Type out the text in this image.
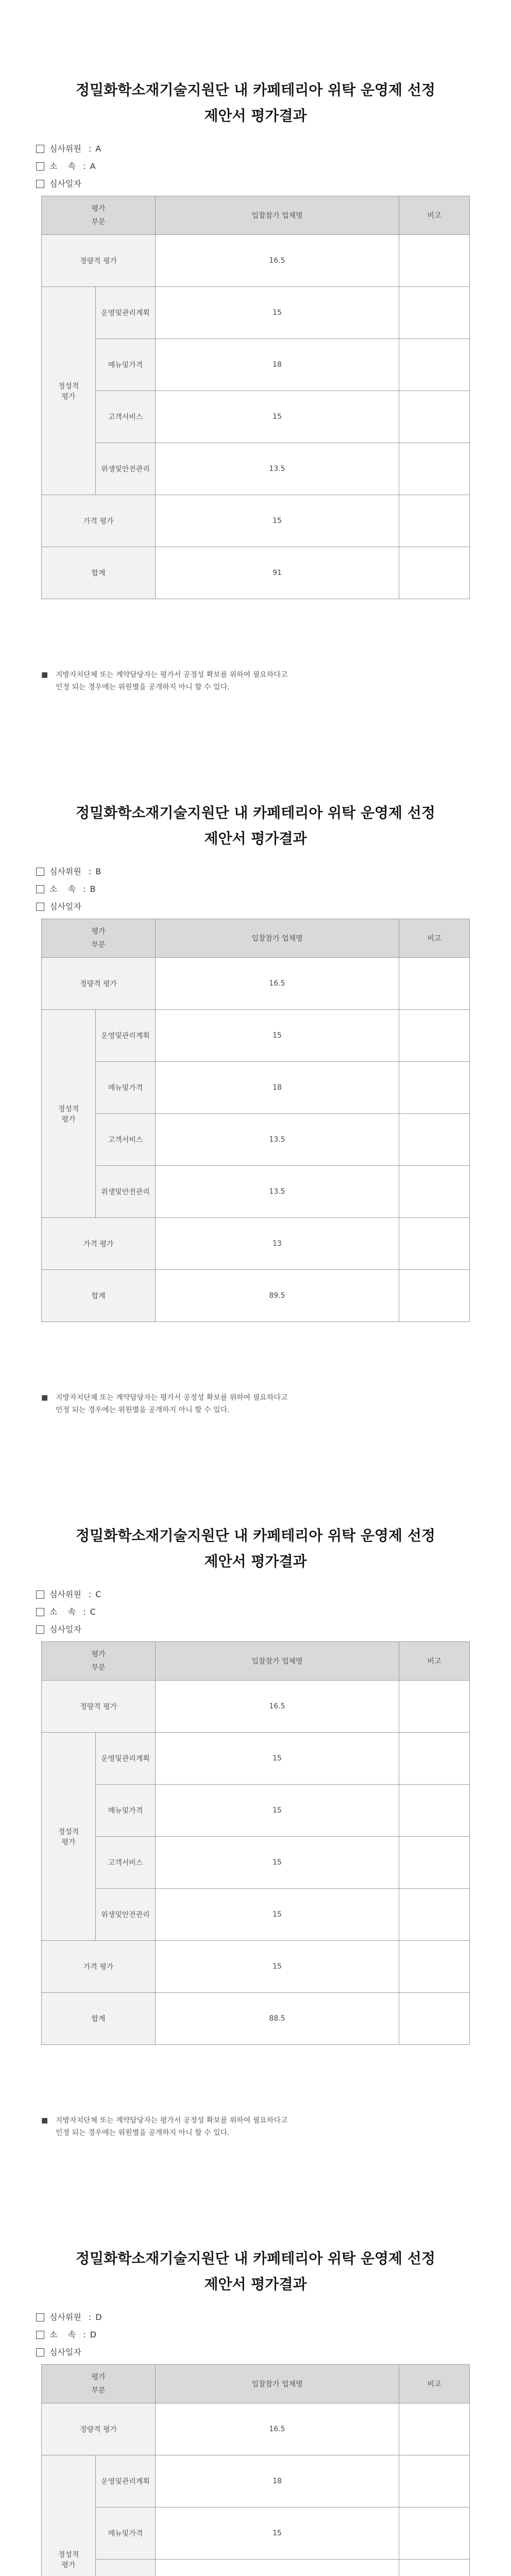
정밀화학소재기술지원단 내 카페테리아 위탁 운영제 선정
제안서 평가결과
심사위원 : A
소    속 : A
심사일자
평가
부문		입찰참가 업체명	비고
정량적 평가		16.5	

정성적
평가	운영및관리계획	15	
	메뉴및가격	18	
	고객서비스	15	
	위생및안전관리	13.5	
가격 평가		15	
합계		91	
■ 지방자치단체 또는 계약담당자는 평가서 공정성 확보를 위하여 필요하다고
인정 되는 경우에는 위원별을 공개하지 아니 할 수 있다.
정밀화학소재기술지원단 내 카페테리아 위탁 운영제 선정
제안서 평가결과
심사위원 : B
소    속 : B
심사일자
평가
부문		입찰참가 업체명	비고
정량적 평가		16.5	

정성적
평가	운영및관리계획	15	
	메뉴및가격	18	
	고객서비스	13.5	
	위생및안전관리	13.5	
가격 평가		13	
합계		89.5	
■ 지방자치단체 또는 계약담당자는 평가서 공정성 확보를 위하여 필요하다고
인정 되는 경우에는 위원별을 공개하지 아니 할 수 있다.
정밀화학소재기술지원단 내 카페테리아 위탁 운영제 선정
제안서 평가결과
심사위원 : C
소    속 : C
심사일자
평가
부문		입찰참가 업체명	비고
정량적 평가		16.5	

정성적
평가	운영및관리계획	15	
	메뉴및가격	15	
	고객서비스	15	
	위생및안전관리	15	
가격 평가		15	
합계		88.5	
■ 지방자치단체 또는 계약담당자는 평가서 공정성 확보를 위하여 필요하다고
인정 되는 경우에는 위원별을 공개하지 아니 할 수 있다.
정밀화학소재기술지원단 내 카페테리아 위탁 운영제 선정
제안서 평가결과
심사위원 : D
소    속 : D
심사일자
평가
부문		입찰참가 업체명	비고
정량적 평가		16.5	

정성적
평가	운영및관리계획	18	
	메뉴및가격	15	
